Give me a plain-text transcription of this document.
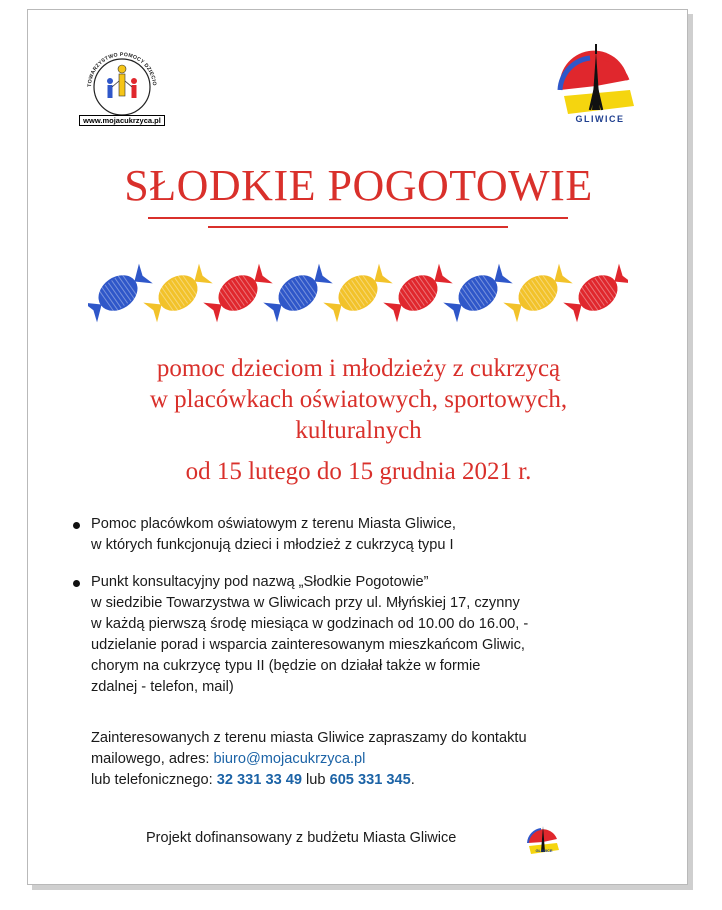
TOWARZYSTWO POMOCY DZIECIO
www.mojacukrzyca.pl	GLIWICE
SŁODKIE POGOTOWIE
pomoc dzieciom i młodzieży z cukrzycą
w placówkach oświatowych, sportowych,
kulturalnych
od 15 lutego do 15 grudnia 2021 r.

Pomoc placówkom oświatowym z terenu Miasta Gliwice,

w których funkcjonują dzieci i młodzież z cukrzycą typu I

Punkt konsultacyjny pod nazwą „Słodkie Pogotowie”

w siedzibie Towarzystwa w Gliwicach przy ul. Młyńskiej 17, czynny

w każdą pierwszą środę miesiąca w godzinach od 10.00 do 16.00, -

udzielanie porad i wsparcia zainteresowanym mieszkańcom Gliwic,

chorym na cukrzycę typu II (będzie on działał także w formie

zdalnej - telefon, mail)

Zainteresowanych z terenu miasta Gliwice zapraszamy do kontaktu

mailowego, adres: biuro@mojacukrzyca.pl

lub telefonicznego: 32 331 33 49 lub 605 331 345.

Projekt dofinansowany z budżetu Miasta Gliwice
GLIWICE
